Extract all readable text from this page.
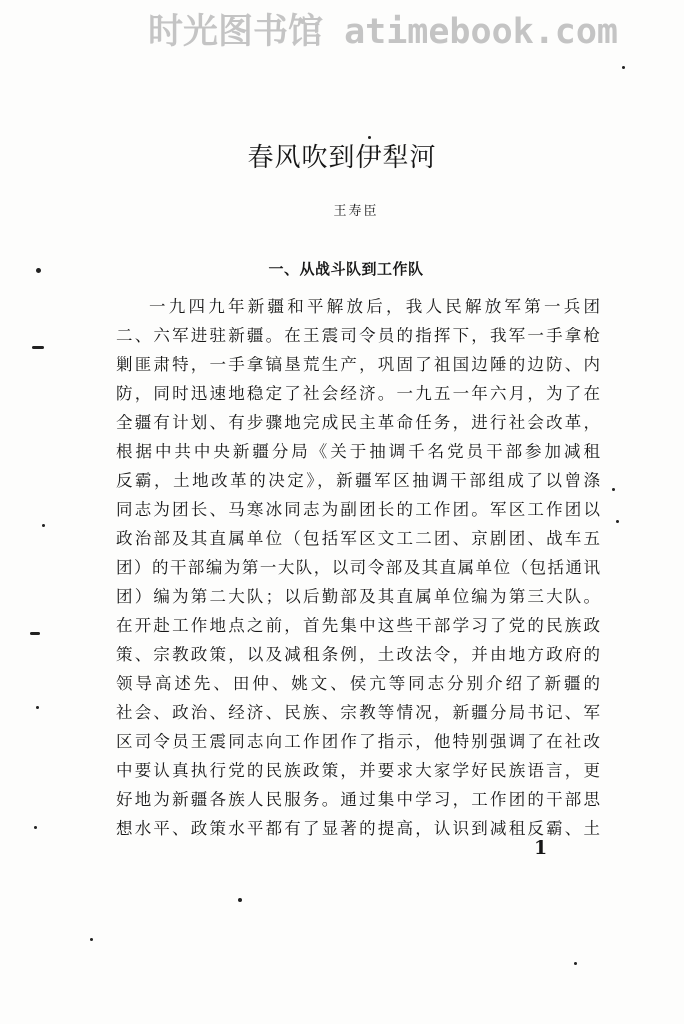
时光图书馆 atimebook.com
春风吹到伊犁河
王寿臣
一、从战斗队到工作队
一九四九年新疆和平解放后，我人民解放军第一兵团
二、六军进驻新疆。在王震司令员的指挥下，我军一手拿枪
剿匪肃特，一手拿镐垦荒生产，巩固了祖国边陲的边防、内
防，同时迅速地稳定了社会经济。一九五一年六月，为了在
全疆有计划、有步骤地完成民主革命任务，进行社会改革，
根据中共中央新疆分局《关于抽调千名党员干部参加减租
反霸，土地改革的决定》，新疆军区抽调干部组成了以曾涤
同志为团长、马寒冰同志为副团长的工作团。军区工作团以
政治部及其直属单位（包括军区文工二团、京剧团、战车五
团）的干部编为第一大队，以司令部及其直属单位（包括通讯
团）编为第二大队；以后勤部及其直属单位编为第三大队。
在开赴工作地点之前，首先集中这些干部学习了党的民族政
策、宗教政策，以及减租条例，土改法令，并由地方政府的
领导高述先、田仲、姚文、侯亢等同志分别介绍了新疆的
社会、政治、经济、民族、宗教等情况，新疆分局书记、军
区司令员王震同志向工作团作了指示，他特别强调了在社改
中要认真执行党的民族政策，并要求大家学好民族语言，更
好地为新疆各族人民服务。通过集中学习，工作团的干部思
想水平、政策水平都有了显著的提高，认识到减租反霸、土
1
